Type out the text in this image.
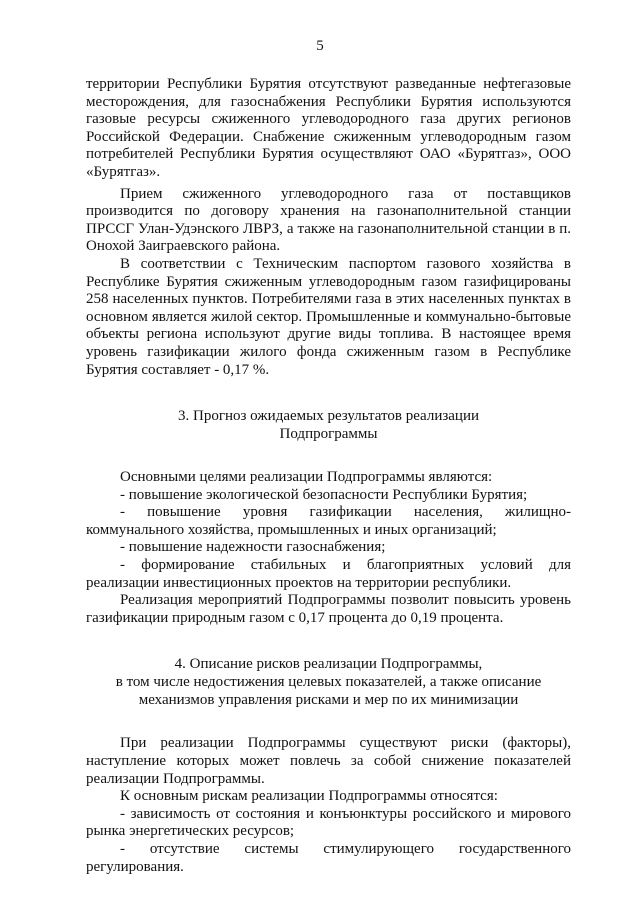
5

территории Республики Бурятия отсутствуют разведанные нефтегазовые месторождения, для газоснабжения Республики Бурятия используются газовые ресурсы сжиженного углеводородного газа других регионов Российской Федерации. Снабжение сжиженным углеводородным газом потребителей Республики Бурятия осуществляют ОАО «Бурятгаз», ООО «Бурятгаз».

Прием сжиженного углеводородного газа от поставщиков производится по договору хранения на газонаполнительной станции ПРССГ Улан-Удэнского ЛВРЗ, а также на газонаполнительной станции в п. Онохой Заиграевского района.

В соответствии с Техническим паспортом газового хозяйства в Республике Бурятия сжиженным углеводородным газом газифицированы 258 населенных пунктов. Потребителями газа в этих населенных пунктах в основном является жилой сектор. Промышленные и коммунально-бытовые объекты региона используют другие виды топлива. В настоящее время уровень газификации жилого фонда сжиженным газом в Республике Бурятия составляет - 0,17 %.

3. Прогноз ожидаемых результатов реализации

Подпрограммы

Основными целями реализации Подпрограммы являются:

- повышение экологической безопасности Республики Бурятия;

- повышение уровня газификации населения, жилищно-коммунального хозяйства, промышленных и иных организаций;

- повышение надежности газоснабжения;

- формирование стабильных и благоприятных условий для реализации инвестиционных проектов на территории республики.

Реализация мероприятий Подпрограммы позволит повысить уровень газификации природным газом с 0,17 процента до 0,19 процента.

4. Описание рисков реализации Подпрограммы,

в том числе недостижения целевых показателей, а также описание

механизмов управления рисками и мер по их минимизации

При реализации Подпрограммы существуют риски (факторы), наступление которых может повлечь за собой снижение показателей реализации Подпрограммы.

К основным рискам реализации Подпрограммы относятся:

- зависимость от состояния и конъюнктуры российского и мирового рынка энергетических ресурсов;

- отсутствие системы стимулирующего государственного регулирования.
